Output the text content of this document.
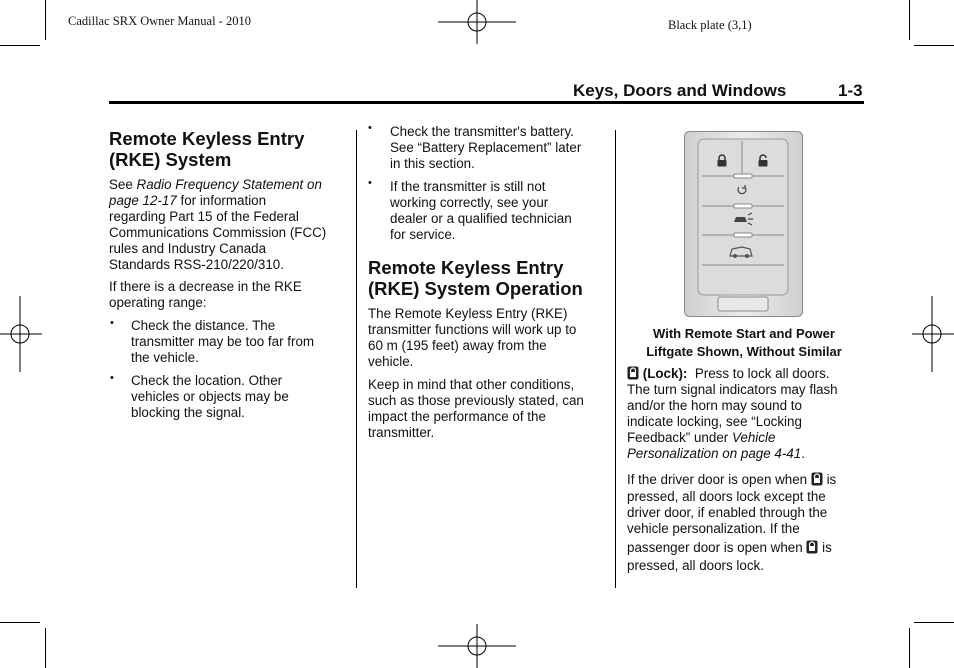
Cadillac SRX Owner Manual - 2010	Black plate (3,1)
Keys, Doors and Windows	1-3
Remote Keyless Entry
(RKE) System
See Radio Frequency Statement on
page 12-17 for information
regarding Part 15 of the Federal
Communications Commission (FCC)
rules and Industry Canada
Standards RSS-210/220/310.
If there is a decrease in the RKE
operating range:
• Check the distance. The
transmitter may be too far from
the vehicle.
• Check the location. Other
vehicles or objects may be
blocking the signal.
• Check the transmitter's battery.
See “Battery Replacement” later
in this section.
• If the transmitter is still not
working correctly, see your
dealer or a qualified technician
for service.
Remote Keyless Entry
(RKE) System Operation
The Remote Keyless Entry (RKE)
transmitter functions will work up to
60 m (195 feet) away from the
vehicle.
Keep in mind that other conditions,
such as those previously stated, can
impact the performance of the
transmitter.
With Remote Start and Power
Liftgate Shown, Without Similar
(Lock):  Press to lock all doors.
The turn signal indicators may flash
and/or the horn may sound to
indicate locking, see “Locking
Feedback” under Vehicle
Personalization on page 4-41.
If the driver door is open when  is
pressed, all doors lock except the
driver door, if enabled through the
vehicle personalization. If the
passenger door is open when  is
pressed, all doors lock.
